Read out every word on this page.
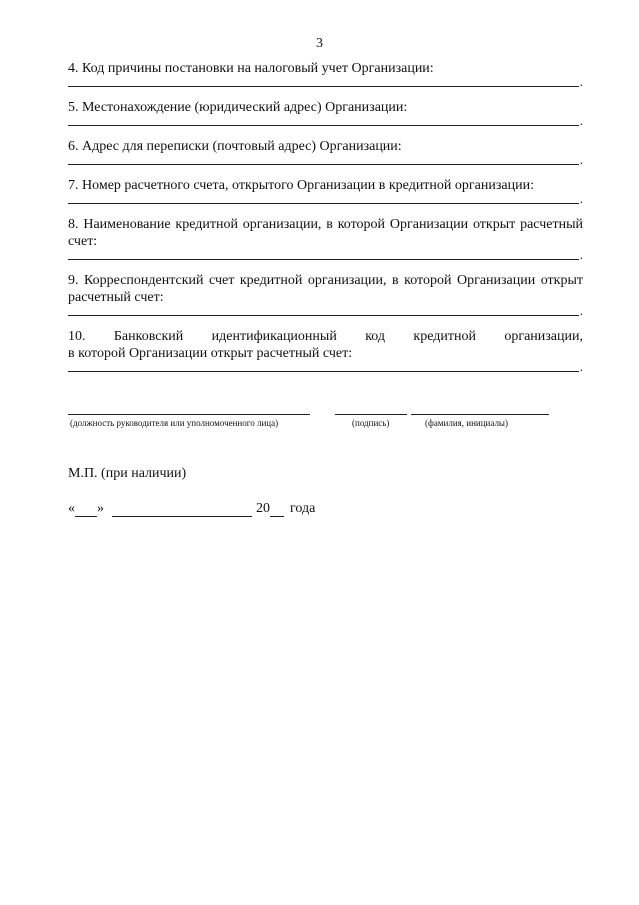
3
4. Код причины постановки на налоговый учет Организации:
.
5. Местонахождение (юридический адрес) Организации:
.
6. Адрес для переписки (почтовый адрес) Организации:
.
7. Номер расчетного счета, открытого Организации в кредитной организации:
.
8. Наименование кредитной организации, в которой Организации открыт расчетный счет:
.
9. Корреспондентский счет кредитной организации, в которой Организации открыт расчетный счет:
.
10. Банковский идентификационный код кредитной организации,
в которой Организации открыт расчетный счет:
.
(должность руководителя или уполномоченного лица)	(подпись)	(фамилия, инициалы)
М.П. (при наличии)
« »	20 года
